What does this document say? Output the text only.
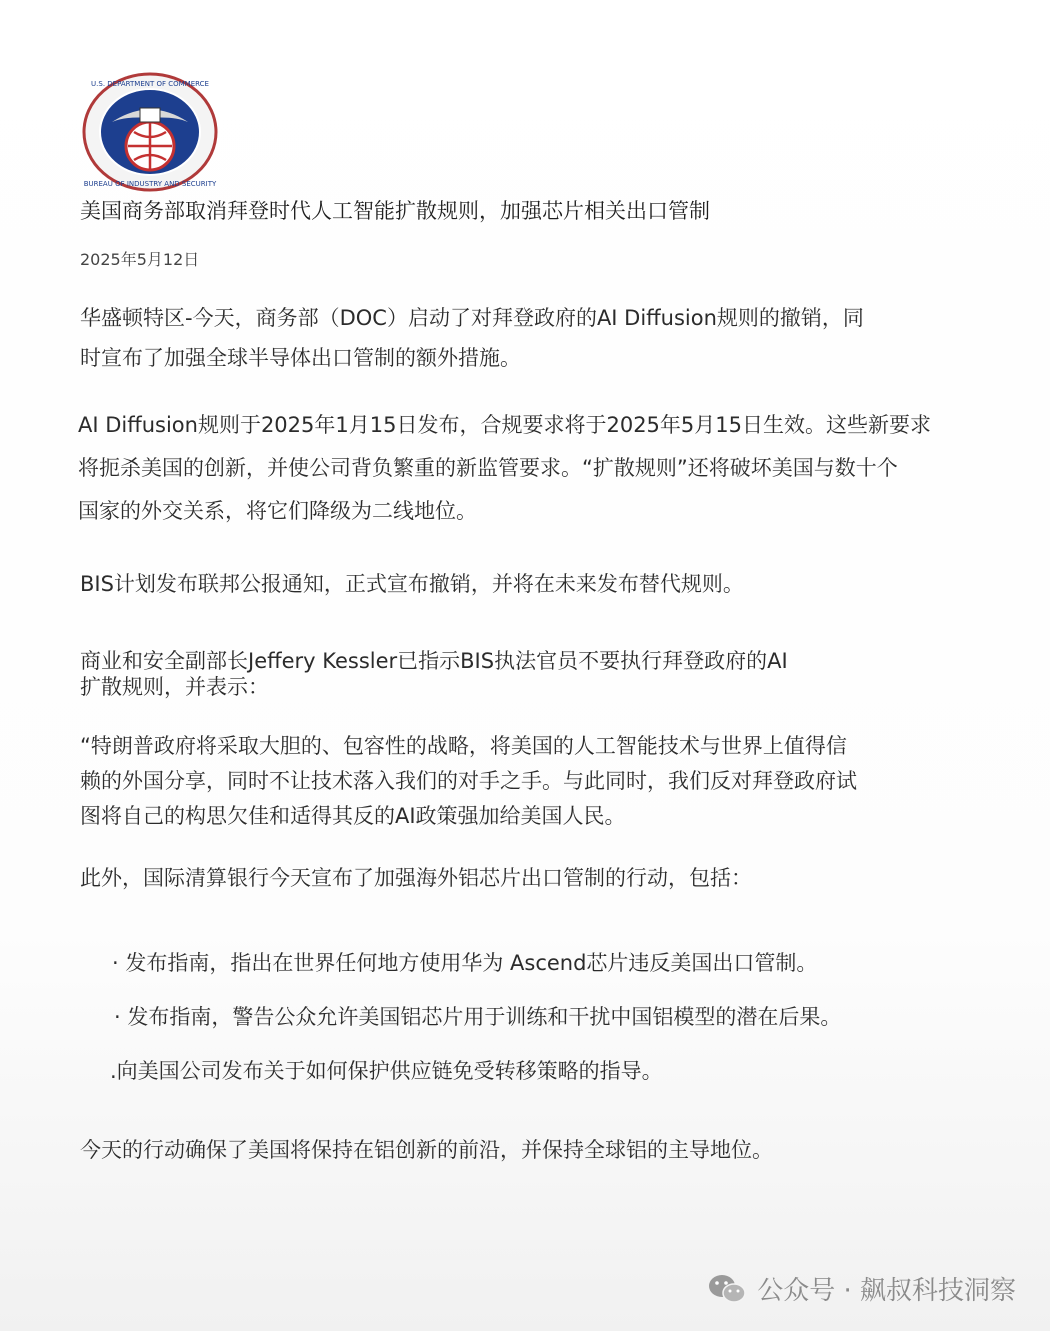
U.S. DEPARTMENT OF COMMERCE
BUREAU OF INDUSTRY AND SECURITY
美国商务部取消拜登时代人工智能扩散规则，加强芯片相关出口管制
2025年5月12日
华盛顿特区-今天，商务部（DOC）启动了对拜登政府的AI Diffusion规则的撤销，同
时宣布了加强全球半导体出口管制的额外措施。
AI Diffusion规则于2025年1月15日发布，合规要求将于2025年5月15日生效。这些新要求
将扼杀美国的创新，并使公司背负繁重的新监管要求。“扩散规则”还将破坏美国与数十个
国家的外交关系，将它们降级为二线地位。
BIS计划发布联邦公报通知，正式宣布撤销，并将在未来发布替代规则。
商业和安全副部长Jeffery Kessler已指示BIS执法官员不要执行拜登政府的AI
扩散规则，并表示：
“特朗普政府将采取大胆的、包容性的战略，将美国的人工智能技术与世界上值得信
赖的外国分享，同时不让技术落入我们的对手之手。与此同时，我们反对拜登政府试
图将自己的构思欠佳和适得其反的AI政策强加给美国人民。
此外，国际清算银行今天宣布了加强海外铝芯片出口管制的行动，包括：
· 发布指南，指出在世界任何地方使用华为 Ascend芯片违反美国出口管制。
· 发布指南，警告公众允许美国铝芯片用于训练和干扰中国铝模型的潜在后果。
.向美国公司发布关于如何保护供应链免受转移策略的指导。
今天的行动确保了美国将保持在铝创新的前沿，并保持全球铝的主导地位。
公众号 · 飙叔科技洞察
